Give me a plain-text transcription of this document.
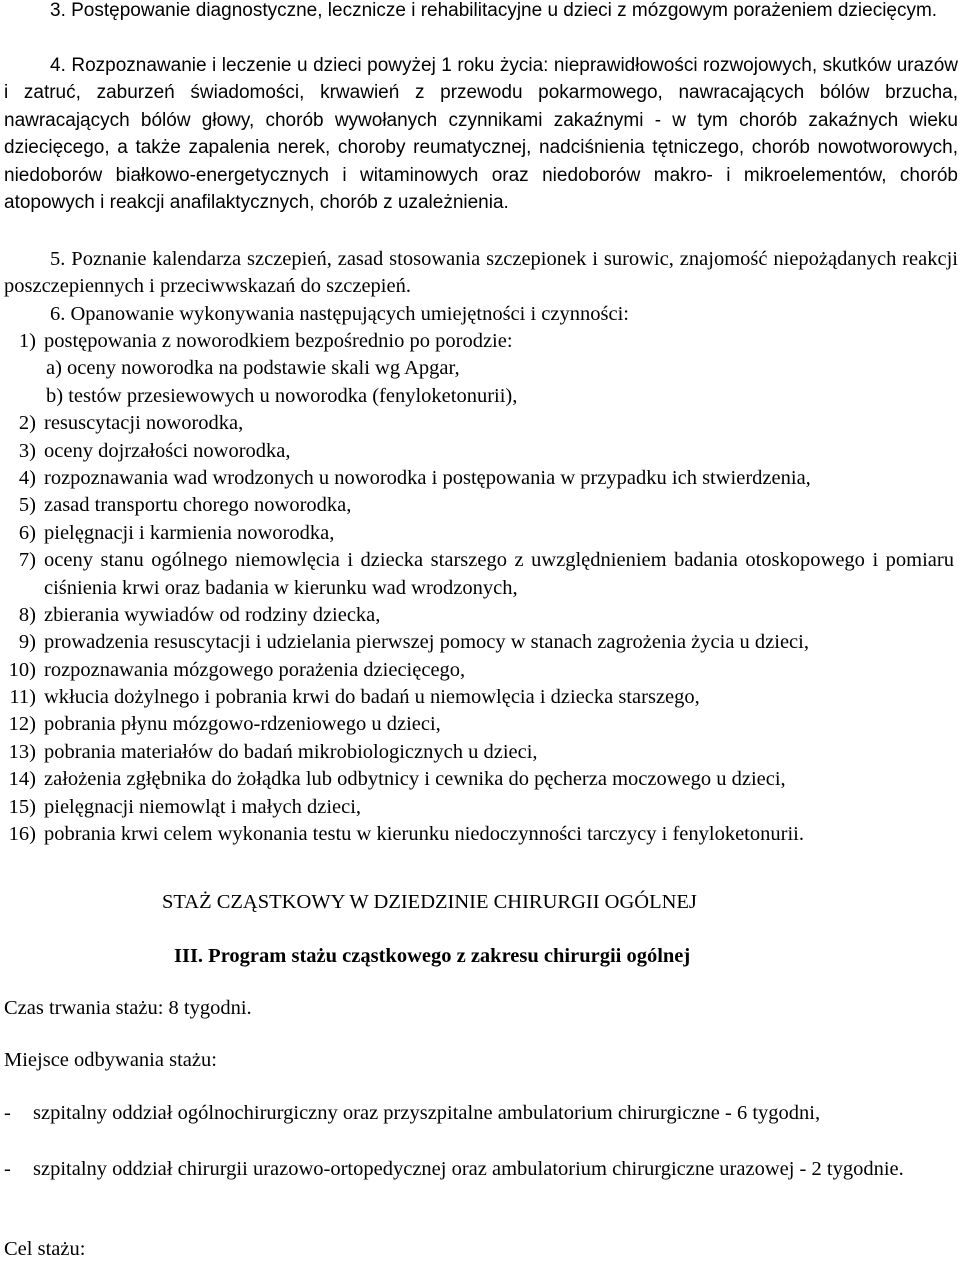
3. Postępowanie diagnostyczne, lecznicze i rehabilitacyjne u dzieci z mózgowym porażeniem dziecięcym.

4. Rozpoznawanie i leczenie u dzieci powyżej 1 roku życia: nieprawidłowości rozwojowych, skutków urazów i zatruć, zaburzeń świadomości, krwawień z przewodu pokarmowego, nawracających bólów brzucha, nawracających bólów głowy, chorób wywołanych czynnikami zakaźnymi - w tym chorób zakaźnych wieku dziecięcego, a także zapalenia nerek, choroby reumatycznej, nadciśnienia tętniczego, chorób nowotworowych, niedoborów białkowo-energetycznych i witaminowych oraz niedoborów makro- i mikroelementów, chorób atopowych i reakcji anafilaktycznych, chorób z uzależnienia.

5. Poznanie kalendarza szczepień, zasad stosowania szczepionek i surowic, znajomość niepożądanych reakcji poszczepiennych i przeciwwskazań do szczepień.

6. Opanowanie wykonywania następujących umiejętności i czynności:

1) postępowania z noworodkiem bezpośrednio po porodzie:
a) oceny noworodka na podstawie skali wg Apgar,
b) testów przesiewowych u noworodka (fenyloketonurii),
2) resuscytacji noworodka,
3) oceny dojrzałości noworodka,
4) rozpoznawania wad wrodzonych u noworodka i postępowania w przypadku ich stwierdzenia,
5) zasad transportu chorego noworodka,
6) pielęgnacji i karmienia noworodka,
7) oceny stanu ogólnego niemowlęcia i dziecka starszego z uwzględnieniem badania otoskopowego i pomiaru ciśnienia krwi oraz badania w kierunku wad wrodzonych,
8) zbierania wywiadów od rodziny dziecka,
9) prowadzenia resuscytacji i udzielania pierwszej pomocy w stanach zagrożenia życia u dzieci,
10) rozpoznawania mózgowego porażenia dziecięcego,
11) wkłucia dożylnego i pobrania krwi do badań u niemowlęcia i dziecka starszego,
12) pobrania płynu mózgowo-rdzeniowego u dzieci,
13) pobrania materiałów do badań mikrobiologicznych u dzieci,
14) założenia zgłębnika do żołądka lub odbytnicy i cewnika do pęcherza moczowego u dzieci,
15) pielęgnacji niemowląt i małych dzieci,
16) pobrania krwi celem wykonania testu w kierunku niedoczynności tarczycy i fenyloketonurii.
STAŻ CZĄSTKOWY W DZIEDZINIE CHIRURGII OGÓLNEJ
III. Program stażu cząstkowego z zakresu chirurgii ogólnej
Czas trwania stażu: 8 tygodni.
Miejsce odbywania stażu:
- szpitalny oddział ogólnochirurgiczny oraz przyszpitalne ambulatorium chirurgiczne - 6 tygodni,
- szpitalny oddział chirurgii urazowo-ortopedycznej oraz ambulatorium chirurgiczne urazowej - 2 tygodnie.
Cel stażu:
